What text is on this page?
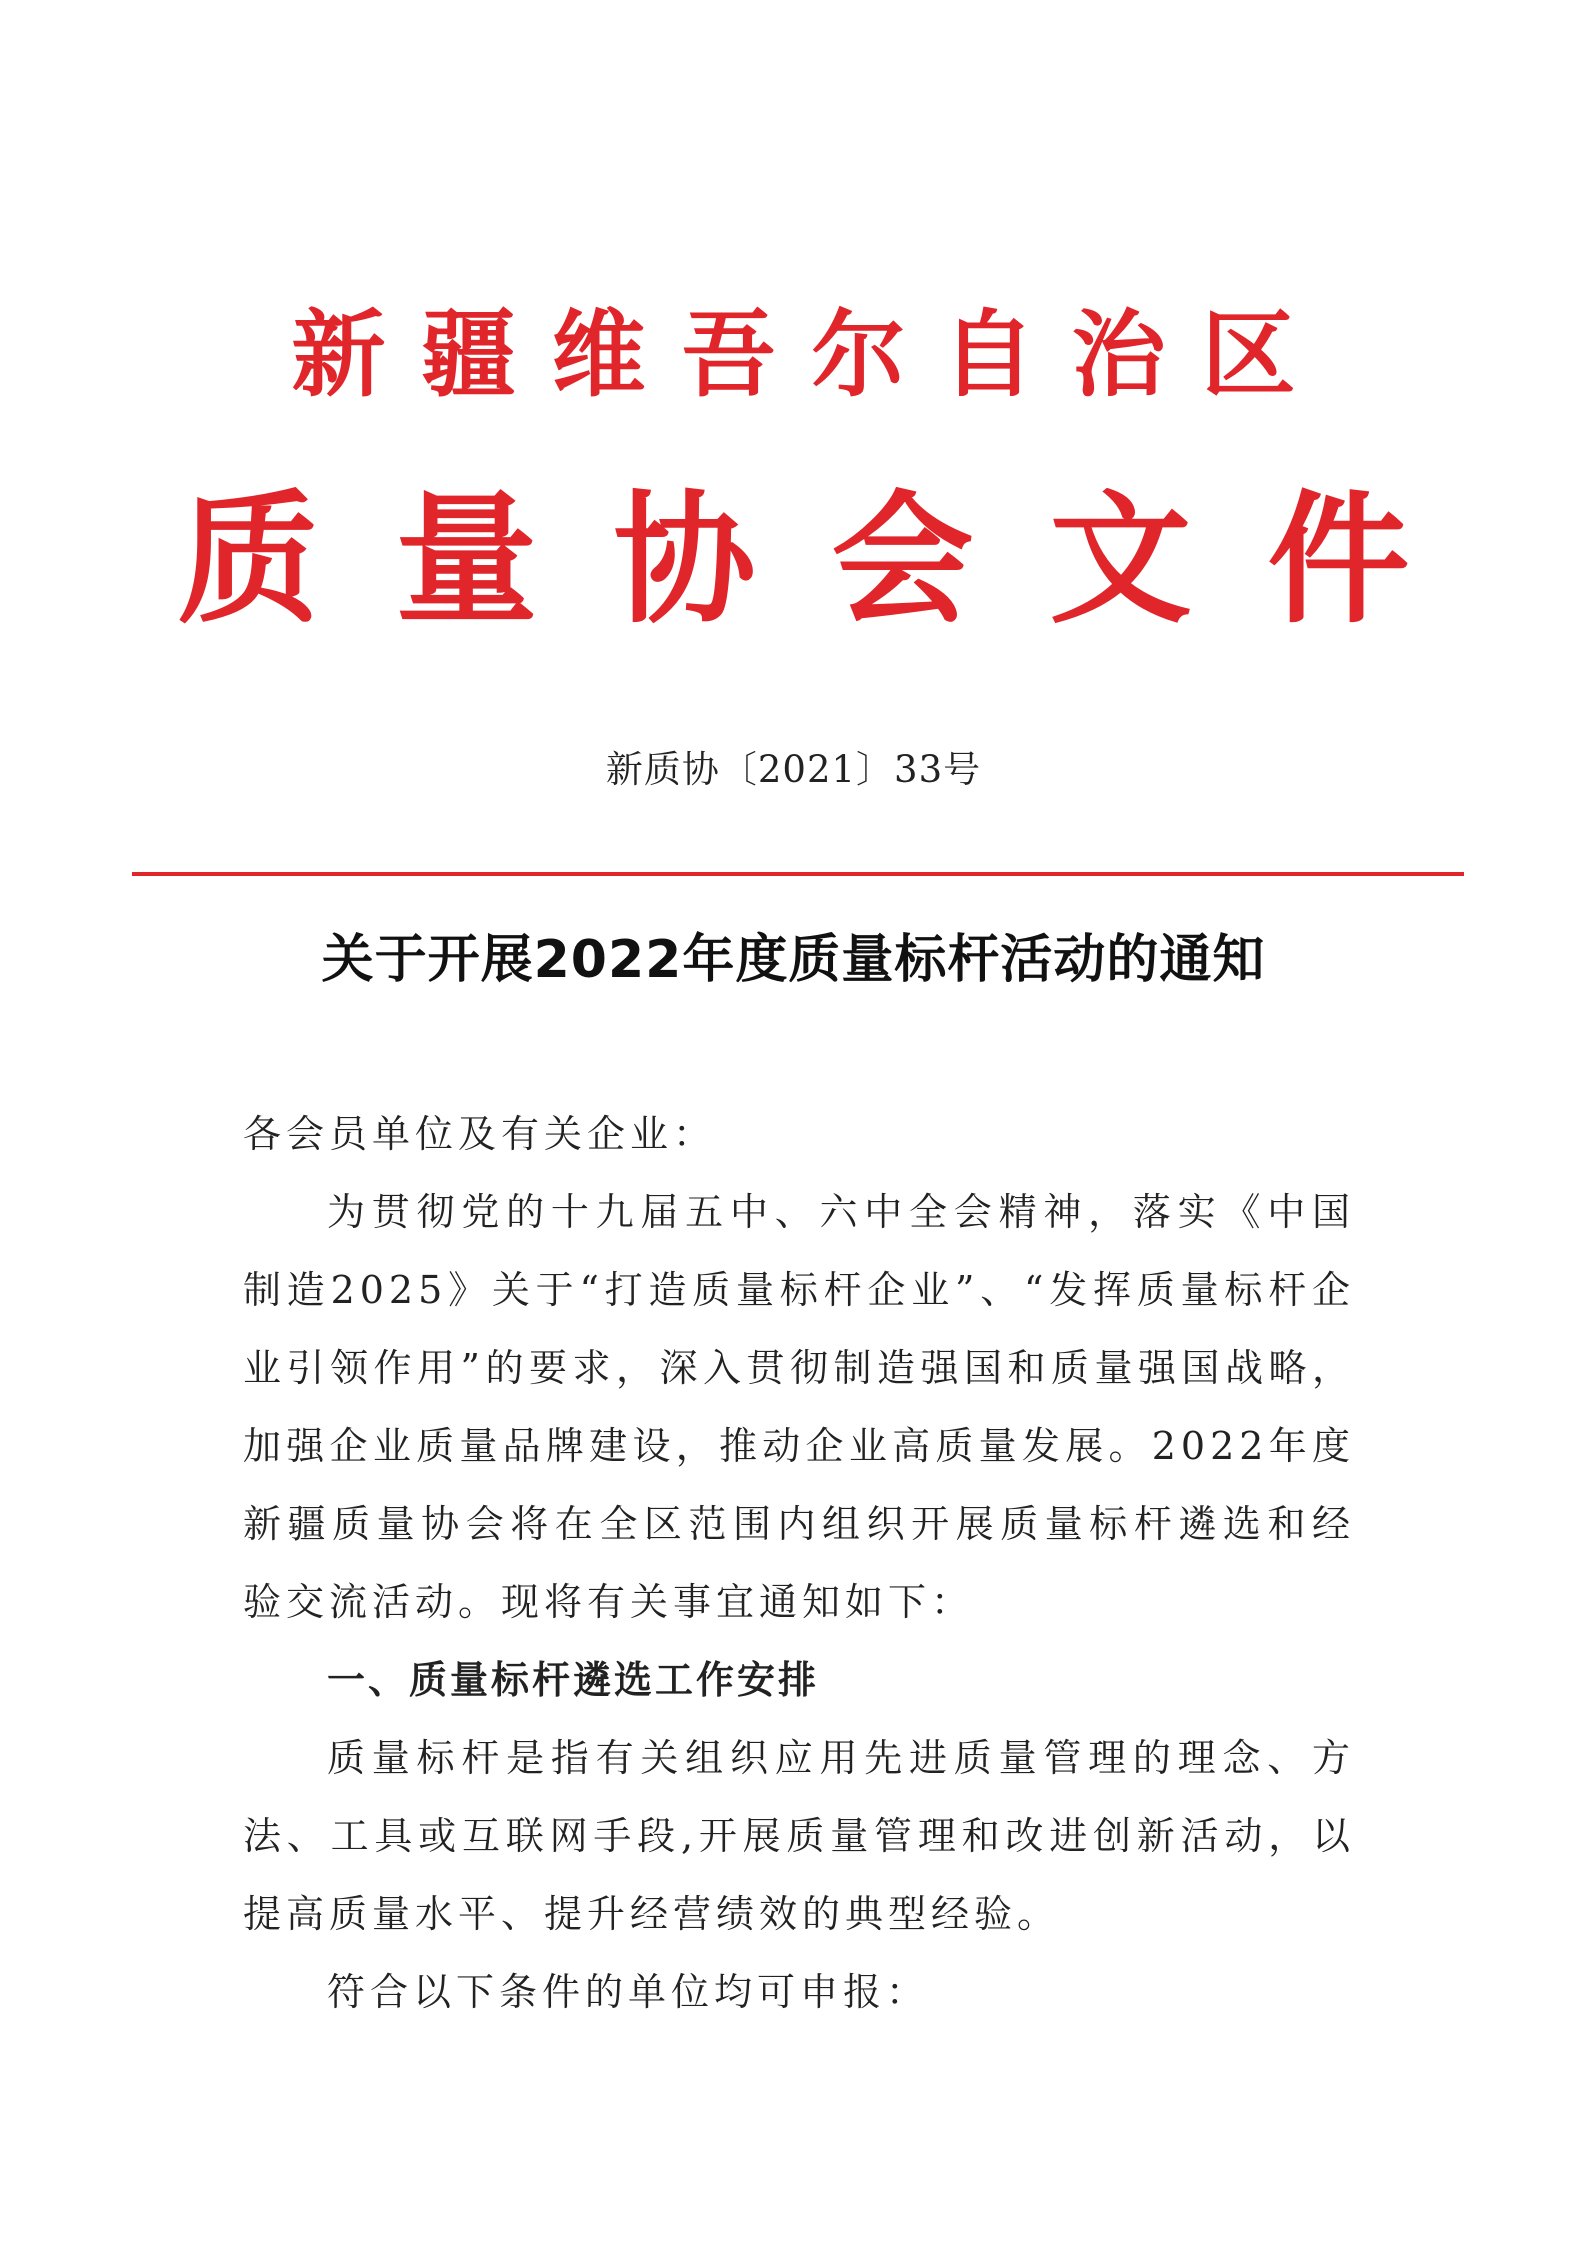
新疆维吾尔自治区
质量协会文件
新质协〔2021〕33号
关于开展2022年度质量标杆活动的通知

各会员单位及有关企业：

为贯彻党的十九届五中、六中全会精神，落实《中国制造2025》关于“打造质量标杆企业”、“发挥质量标杆企业引领作用”的要求，深入贯彻制造强国和质量强国战略，加强企业质量品牌建设，推动企业高质量发展。2022年度新疆质量协会将在全区范围内组织开展质量标杆遴选和经验交流活动。现将有关事宜通知如下：

一、质量标杆遴选工作安排

质量标杆是指有关组织应用先进质量管理的理念、方法、工具或互联网手段,开展质量管理和改进创新活动，以提高质量水平、提升经营绩效的典型经验。

符合以下条件的单位均可申报：
